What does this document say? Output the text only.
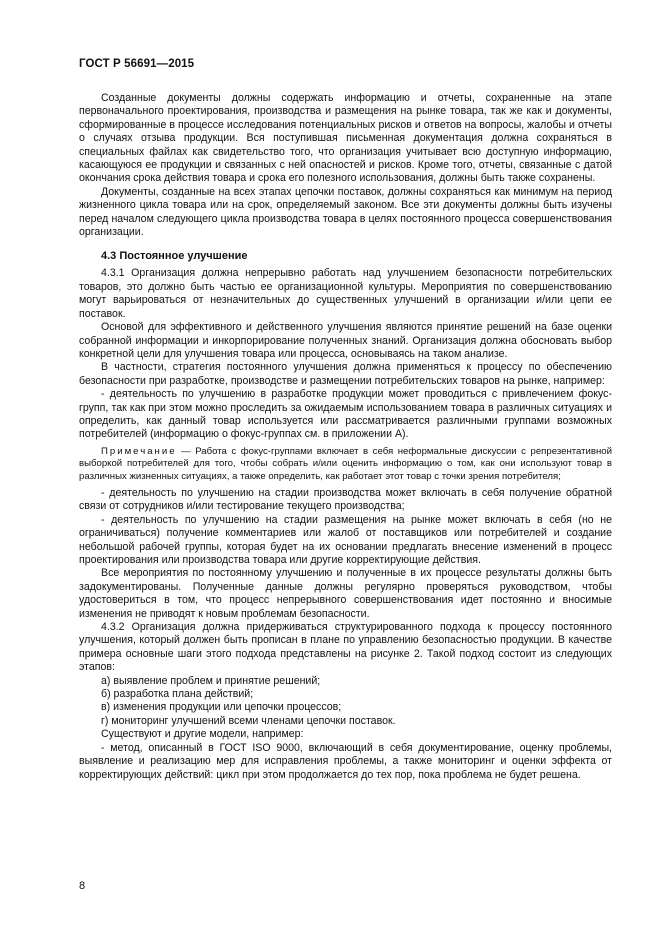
ГОСТ Р 56691—2015

Созданные документы должны содержать информацию и отчеты, сохраненные на этапе первоначального проектирования, производства и размещения на рынке товара, так же как и документы, сформированные в процессе исследования потенциальных рисков и ответов на вопросы, жалобы и отчеты о случаях отзыва продукции. Вся поступившая письменная документация должна сохраняться в специальных файлах как свидетельство того, что организация учитывает всю доступную информацию, касающуюся ее продукции и связанных с ней опасностей и рисков. Кроме того, отчеты, связанные с датой окончания срока действия товара и срока его полезного использования, должны быть также сохранены.

Документы, созданные на всех этапах цепочки поставок, должны сохраняться как минимум на период жизненного цикла товара или на срок, определяемый законом. Все эти документы должны быть изучены перед началом следующего цикла производства товара в целях постоянного процесса совершенствования организации.

4.3 Постоянное улучшение

4.3.1 Организация должна непрерывно работать над улучшением безопасности потребительских товаров, это должно быть частью ее организационной культуры. Мероприятия по совершенствованию могут варьироваться от незначительных до существенных улучшений в организации и/или цепи ее поставок.

Основой для эффективного и действенного улучшения являются принятие решений на базе оценки собранной информации и инкорпорирование полученных знаний. Организация должна обосновать выбор конкретной цели для улучшения товара или процесса, основываясь на таком анализе.

В частности, стратегия постоянного улучшения должна применяться к процессу по обеспечению безопасности при разработке, производстве и размещении потребительских товаров на рынке, например:

- деятельность по улучшению в разработке продукции может проводиться с привлечением фокус-групп, так как при этом можно проследить за ожидаемым использованием товара в различных ситуациях и определить, как данный товар используется или рассматривается различными группами возможных потребителей (информацию о фокус-группах см. в приложении А).

Примечание — Работа с фокус-группами включает в себя неформальные дискуссии с репрезентативной выборкой потребителей для того, чтобы собрать и/или оценить информацию о том, как они используют товар в различных жизненных ситуациях, а также определить, как работает этот товар с точки зрения потребителя;

- деятельность по улучшению на стадии производства может включать в себя получение обратной связи от сотрудников и/или тестирование текущего производства;

- деятельность по улучшению на стадии размещения на рынке может включать в себя (но не ограничиваться) получение комментариев или жалоб от поставщиков или потребителей и создание небольшой рабочей группы, которая будет на их основании предлагать внесение изменений в процесс проектирования или производства товара или другие корректирующие действия.

Все мероприятия по постоянному улучшению и полученные в их процессе результаты должны быть задокументированы. Полученные данные должны регулярно проверяться руководством, чтобы удостовериться в том, что процесс непрерывного совершенствования идет постоянно и вносимые изменения не приводят к новым проблемам безопасности.

4.3.2 Организация должна придерживаться структурированного подхода к процессу постоянного улучшения, который должен быть прописан в плане по управлению безопасностью продукции. В качестве примера основные шаги этого подхода представлены на рисунке 2. Такой подход состоит из следующих этапов:

а) выявление проблем и принятие решений;

б) разработка плана действий;

в) изменения продукции или цепочки процессов;

г) мониторинг улучшений всеми членами цепочки поставок.

Существуют и другие модели, например:

- метод, описанный в ГОСТ ISO 9000, включающий в себя документирование, оценку проблемы, выявление и реализацию мер для исправления проблемы, а также мониторинг и оценки эффекта от корректирующих действий: цикл при этом продолжается до тех пор, пока проблема не будет решена.

8
